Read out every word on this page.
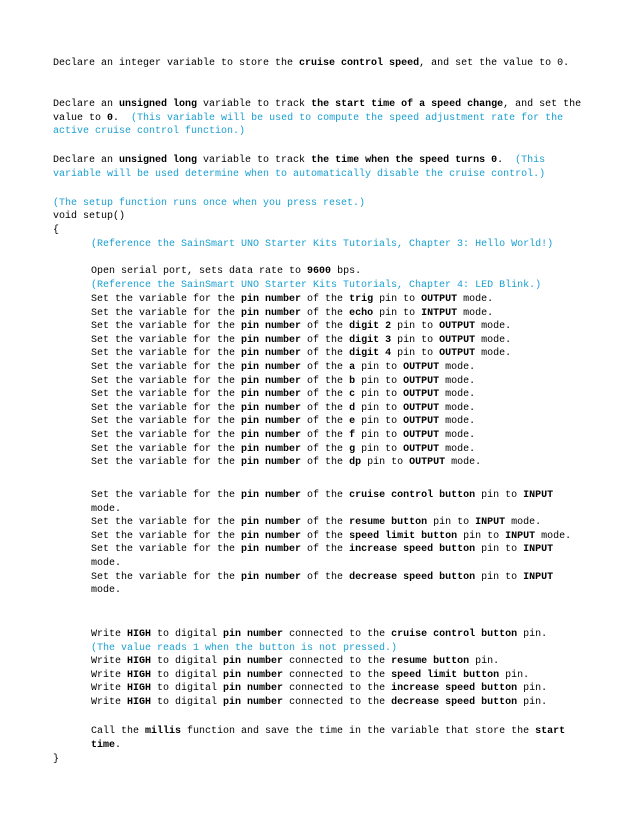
Declare an integer variable to store the cruise control speed, and set the value to 0.
Declare an unsigned long variable to track the start time of a speed change, and set the value to 0.  (This variable will be used to compute the speed adjustment rate for the active cruise control function.)
Declare an unsigned long variable to track the time when the speed turns 0.  (This variable will be used determine when to automatically disable the cruise control.)
(The setup function runs once when you press reset.)
void setup()
{
(Reference the SainSmart UNO Starter Kits Tutorials, Chapter 3: Hello World!)
Open serial port, sets data rate to 9600 bps.
(Reference the SainSmart UNO Starter Kits Tutorials, Chapter 4: LED Blink.)
Set the variable for the pin number of the trig pin to OUTPUT mode.
Set the variable for the pin number of the echo pin to INTPUT mode.
Set the variable for the pin number of the digit 2 pin to OUTPUT mode.
Set the variable for the pin number of the digit 3 pin to OUTPUT mode.
Set the variable for the pin number of the digit 4 pin to OUTPUT mode.
Set the variable for the pin number of the a pin to OUTPUT mode.
Set the variable for the pin number of the b pin to OUTPUT mode.
Set the variable for the pin number of the c pin to OUTPUT mode.
Set the variable for the pin number of the d pin to OUTPUT mode.
Set the variable for the pin number of the e pin to OUTPUT mode.
Set the variable for the pin number of the f pin to OUTPUT mode.
Set the variable for the pin number of the g pin to OUTPUT mode.
Set the variable for the pin number of the dp pin to OUTPUT mode.
Set the variable for the pin number of the cruise control button pin to INPUT mode.
Set the variable for the pin number of the resume button pin to INPUT mode.
Set the variable for the pin number of the speed limit button pin to INPUT mode.
Set the variable for the pin number of the increase speed button pin to INPUT mode.
Set the variable for the pin number of the decrease speed button pin to INPUT mode.
Write HIGH to digital pin number connected to the cruise control button pin.
(The value reads 1 when the button is not pressed.)
Write HIGH to digital pin number connected to the resume button pin.
Write HIGH to digital pin number connected to the speed limit button pin.
Write HIGH to digital pin number connected to the increase speed button pin.
Write HIGH to digital pin number connected to the decrease speed button pin.
Call the millis function and save the time in the variable that store the start time.
}
